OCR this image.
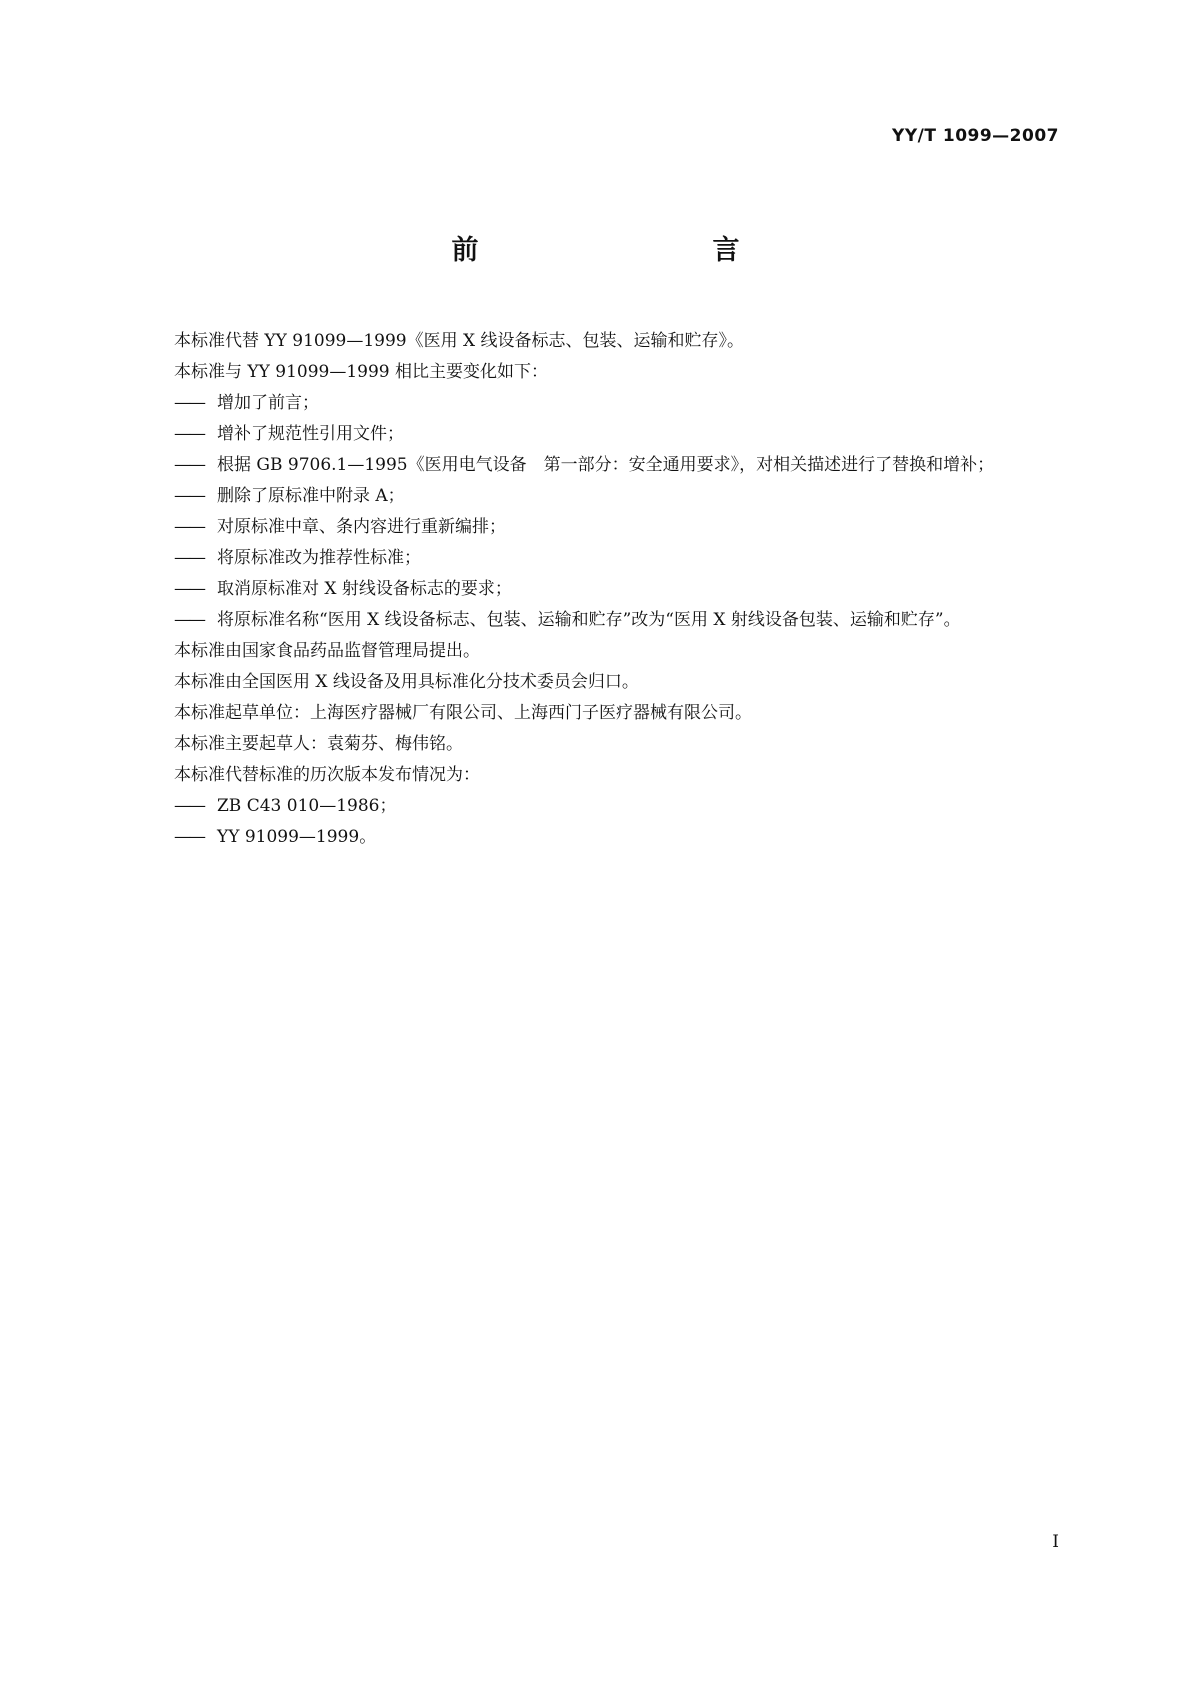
YY/T 1099—2007
前　　言

本标准代替 YY 91099—1999《医用 X 线设备标志、包装、运输和贮存》。

本标准与 YY 91099—1999 相比主要变化如下：

—— 增加了前言；

—— 增补了规范性引用文件；

—— 根据 GB 9706.1—1995《医用电气设备　第一部分：安全通用要求》，对相关描述进行了替换和增补；

—— 删除了原标准中附录 A；

—— 对原标准中章、条内容进行重新编排；

—— 将原标准改为推荐性标准；

—— 取消原标准对 X 射线设备标志的要求；

—— 将原标准名称“医用 X 线设备标志、包装、运输和贮存”改为“医用 X 射线设备包装、运输和贮存”。

本标准由国家食品药品监督管理局提出。

本标准由全国医用 X 线设备及用具标准化分技术委员会归口。

本标准起草单位：上海医疗器械厂有限公司、上海西门子医疗器械有限公司。

本标准主要起草人：袁菊芬、梅伟铭。

本标准代替标准的历次版本发布情况为：

—— ZB C43 010—1986；

—— YY 91099—1999。

I
